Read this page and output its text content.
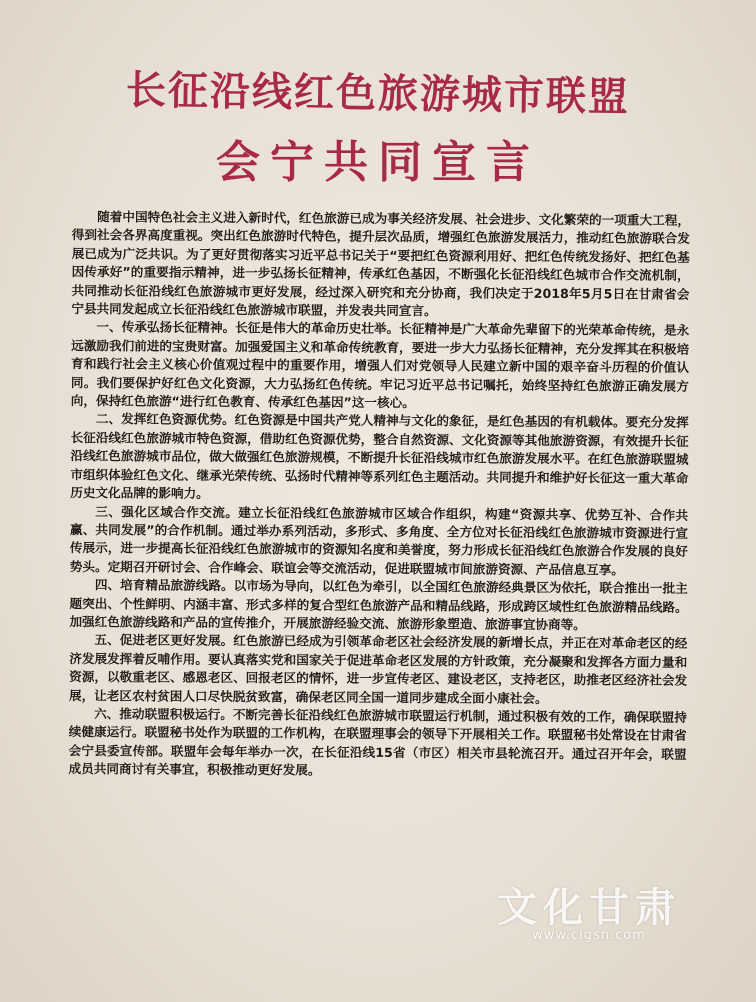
长征沿线红色旅游城市联盟
会宁共同宣言

随着中国特色社会主义进入新时代，红色旅游已成为事关经济发展、社会进步、文化繁荣的一项重大工程，得到社会各界高度重视。突出红色旅游时代特色，提升层次品质，增强红色旅游发展活力，推动红色旅游联合发展已成为广泛共识。为了更好贯彻落实习近平总书记关于“要把红色资源利用好、把红色传统发扬好、把红色基因传承好”的重要指示精神，进一步弘扬长征精神，传承红色基因，不断强化长征沿线红色城市合作交流机制，共同推动长征沿线红色旅游城市更好发展，经过深入研究和充分协商，我们决定于2018年5月5日在甘肃省会宁县共同发起成立长征沿线红色旅游城市联盟，并发表共同宣言。

一、传承弘扬长征精神。长征是伟大的革命历史壮举。长征精神是广大革命先辈留下的光荣革命传统，是永远激励我们前进的宝贵财富。加强爱国主义和革命传统教育，要进一步大力弘扬长征精神，充分发挥其在积极培育和践行社会主义核心价值观过程中的重要作用，增强人们对党领导人民建立新中国的艰辛奋斗历程的价值认同。我们要保护好红色文化资源，大力弘扬红色传统。牢记习近平总书记嘱托，始终坚持红色旅游正确发展方向，保持红色旅游“进行红色教育、传承红色基因”这一核心。

二、发挥红色资源优势。红色资源是中国共产党人精神与文化的象征，是红色基因的有机载体。要充分发挥长征沿线红色旅游城市特色资源，借助红色资源优势，整合自然资源、文化资源等其他旅游资源，有效提升长征沿线红色旅游城市品位，做大做强红色旅游规模，不断提升长征沿线城市红色旅游发展水平。在红色旅游联盟城市组织体验红色文化、继承光荣传统、弘扬时代精神等系列红色主题活动。共同提升和维护好长征这一重大革命历史文化品牌的影响力。

三、强化区域合作交流。建立长征沿线红色旅游城市区域合作组织，构建“资源共享、优势互补、合作共赢、共同发展”的合作机制。通过举办系列活动，多形式、多角度、全方位对长征沿线红色旅游城市资源进行宣传展示，进一步提高长征沿线红色旅游城市的资源知名度和美誉度，努力形成长征沿线红色旅游合作发展的良好势头。定期召开研讨会、合作峰会、联谊会等交流活动，促进联盟城市间旅游资源、产品信息互享。

四、培育精品旅游线路。以市场为导向，以红色为牵引，以全国红色旅游经典景区为依托，联合推出一批主题突出、个性鲜明、内涵丰富、形式多样的复合型红色旅游产品和精品线路，形成跨区域性红色旅游精品线路。加强红色旅游线路和产品的宣传推介，开展旅游经验交流、旅游形象塑造、旅游事宜协商等。

五、促进老区更好发展。红色旅游已经成为引领革命老区社会经济发展的新增长点，并正在对革命老区的经济发展发挥着反哺作用。要认真落实党和国家关于促进革命老区发展的方针政策，充分凝聚和发挥各方面力量和资源，以敬重老区、感恩老区、回报老区的情怀，进一步宣传老区、建设老区，支持老区，助推老区经济社会发展，让老区农村贫困人口尽快脱贫致富，确保老区同全国一道同步建成全面小康社会。

六、推动联盟积极运行。不断完善长征沿线红色旅游城市联盟运行机制，通过积极有效的工作，确保联盟持续健康运行。联盟秘书处作为联盟的工作机构，在联盟理事会的领导下开展相关工作。联盟秘书处常设在甘肃省会宁县委宣传部。联盟年会每年举办一次，在长征沿线15省（市区）相关市县轮流召开。通过召开年会，联盟成员共同商讨有关事宜，积极推动更好发展。

文化甘肃
www.cigsn.com
